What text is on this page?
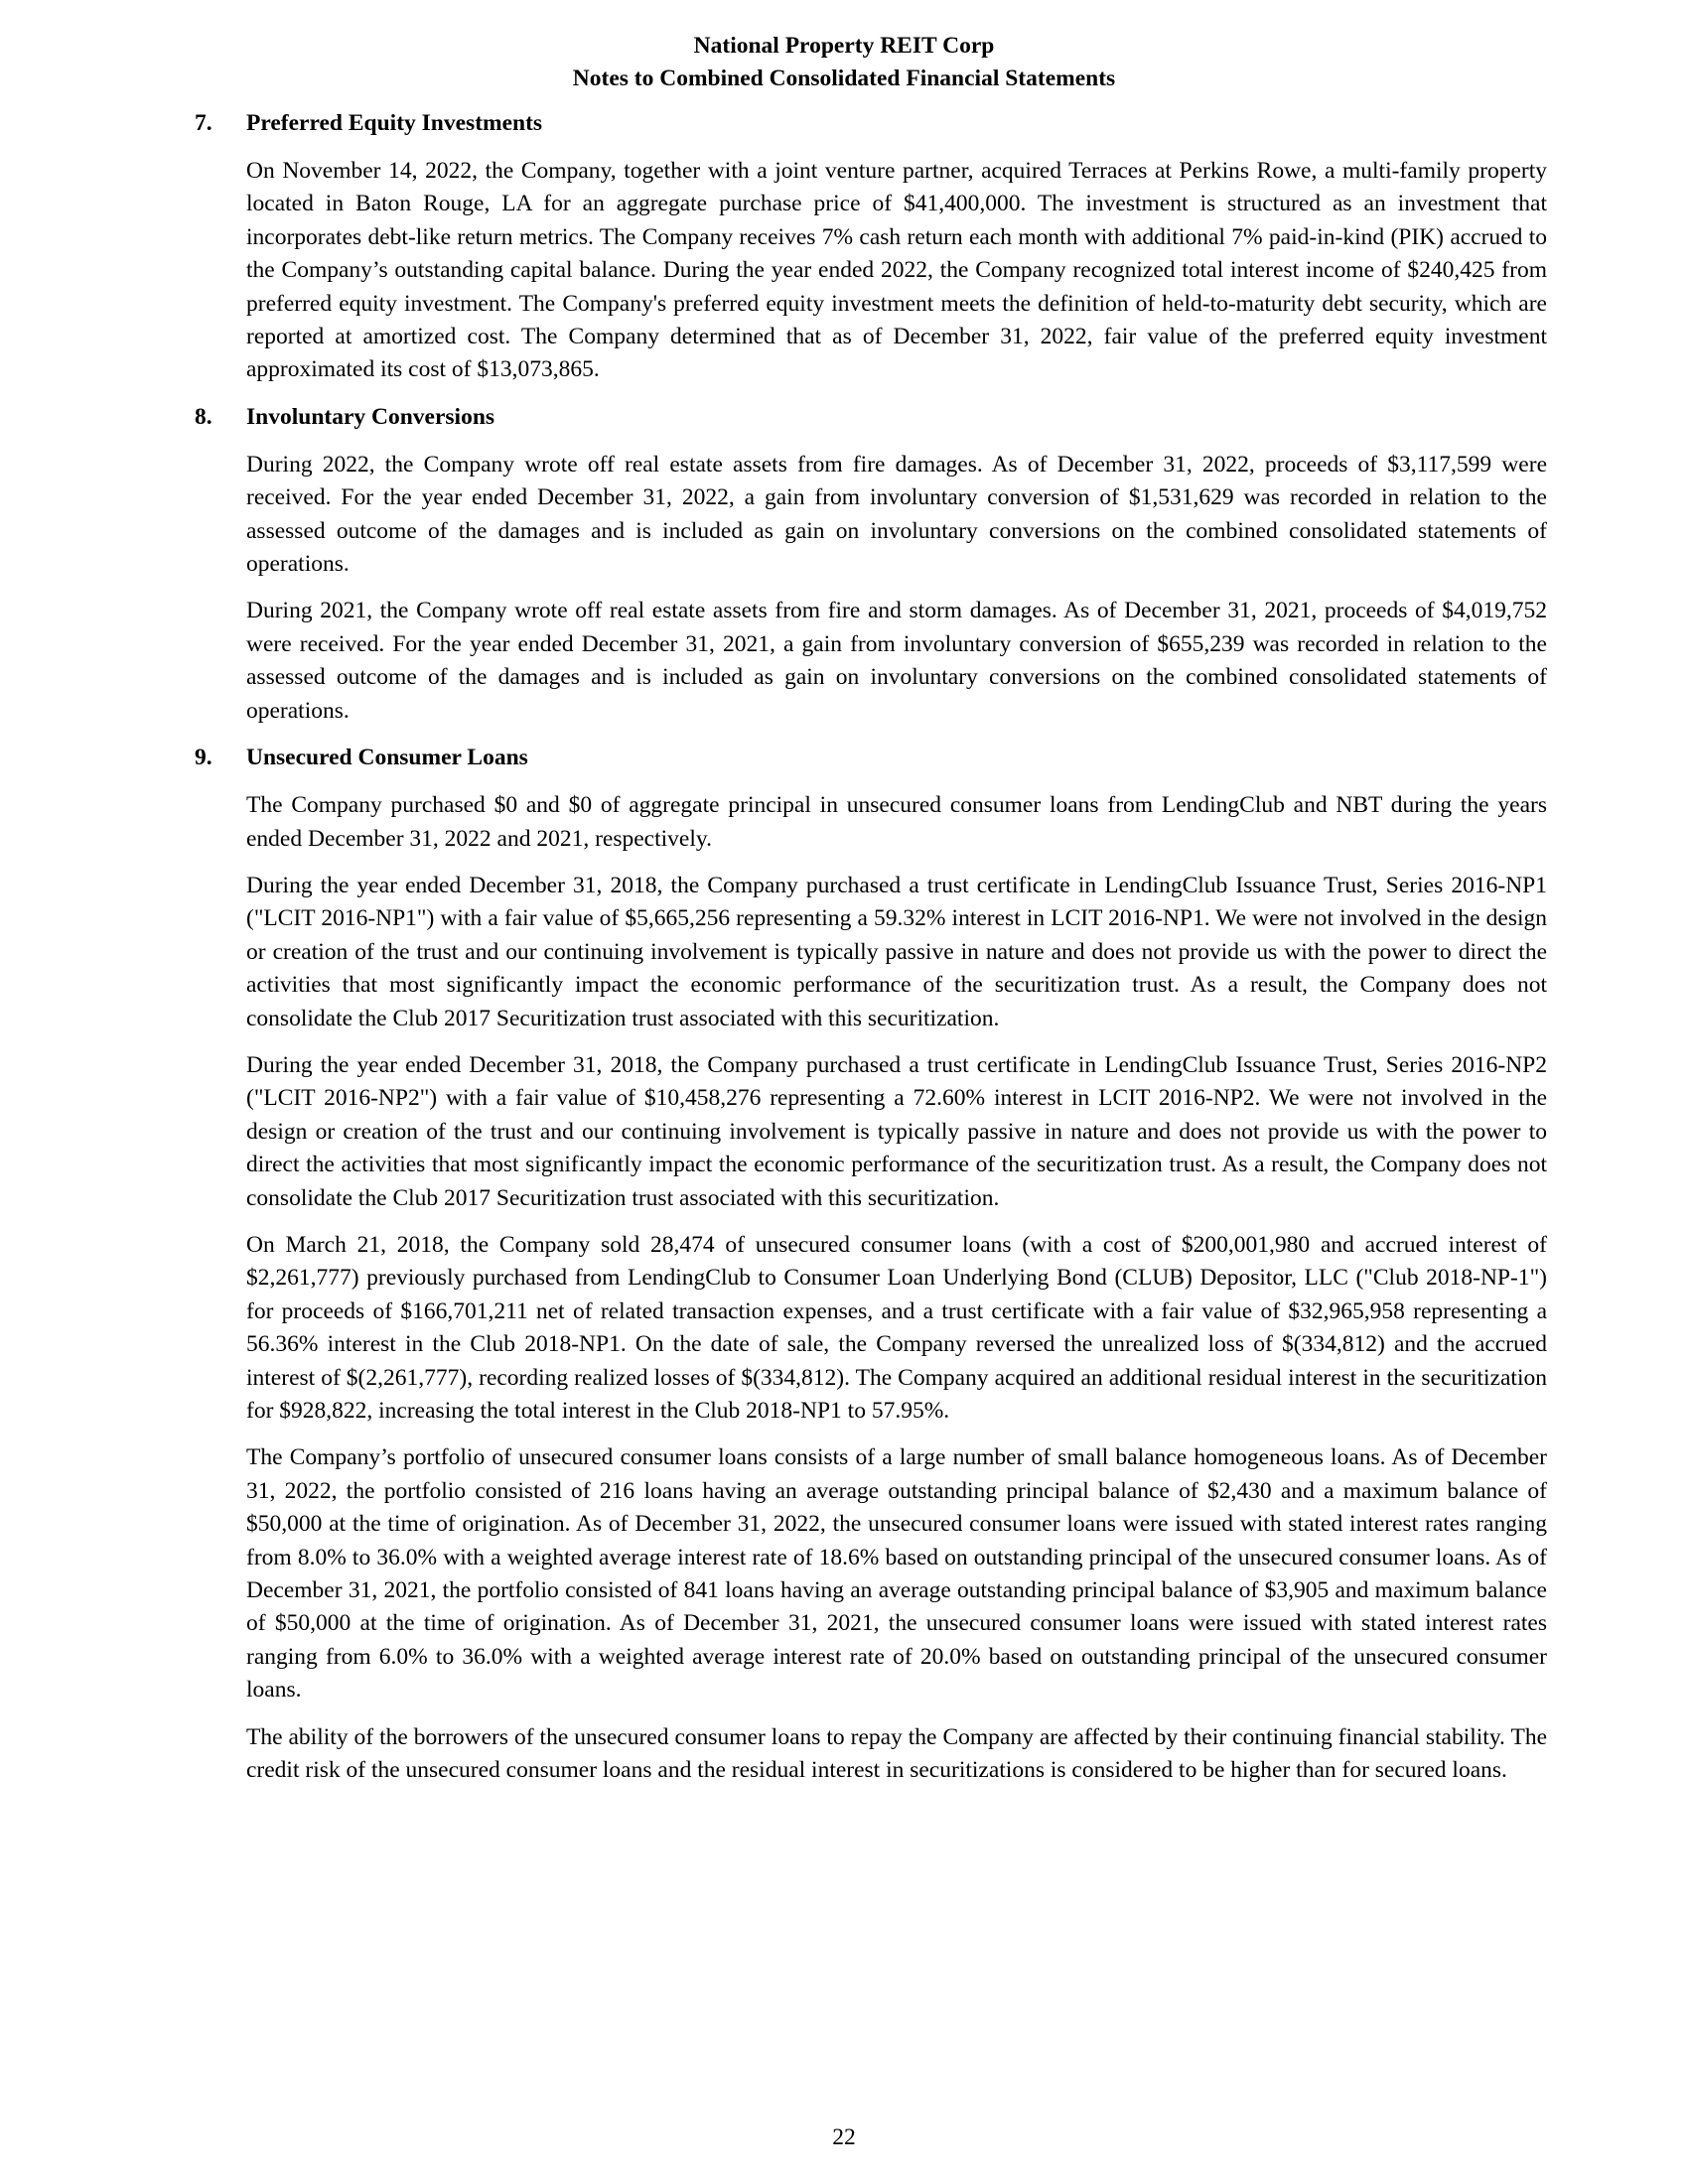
National Property REIT Corp
Notes to Combined Consolidated Financial Statements
7. Preferred Equity Investments

On November 14, 2022, the Company, together with a joint venture partner, acquired Terraces at Perkins Rowe, a multi-family property located in Baton Rouge, LA for an aggregate purchase price of $41,400,000. The investment is structured as an investment that incorporates debt-like return metrics. The Company receives 7% cash return each month with additional 7% paid-in-kind (PIK) accrued to the Company’s outstanding capital balance. During the year ended 2022, the Company recognized total interest income of $240,425 from preferred equity investment. The Company's preferred equity investment meets the definition of held-to-maturity debt security, which are reported at amortized cost. The Company determined that as of December 31, 2022, fair value of the preferred equity investment approximated its cost of $13,073,865.

8. Involuntary Conversions

During 2022, the Company wrote off real estate assets from fire damages. As of December 31, 2022, proceeds of $3,117,599 were received. For the year ended December 31, 2022, a gain from involuntary conversion of $1,531,629 was recorded in relation to the assessed outcome of the damages and is included as gain on involuntary conversions on the combined consolidated statements of operations.

During 2021, the Company wrote off real estate assets from fire and storm damages. As of December 31, 2021, proceeds of $4,019,752 were received. For the year ended December 31, 2021, a gain from involuntary conversion of $655,239 was recorded in relation to the assessed outcome of the damages and is included as gain on involuntary conversions on the combined consolidated statements of operations.

9. Unsecured Consumer Loans

The Company purchased $0 and $0 of aggregate principal in unsecured consumer loans from LendingClub and NBT during the years ended December 31, 2022 and 2021, respectively.

During the year ended December 31, 2018, the Company purchased a trust certificate in LendingClub Issuance Trust, Series 2016-NP1 ("LCIT 2016-NP1") with a fair value of $5,665,256 representing a 59.32% interest in LCIT 2016-NP1. We were not involved in the design or creation of the trust and our continuing involvement is typically passive in nature and does not provide us with the power to direct the activities that most significantly impact the economic performance of the securitization trust. As a result, the Company does not consolidate the Club 2017 Securitization trust associated with this securitization.

During the year ended December 31, 2018, the Company purchased a trust certificate in LendingClub Issuance Trust, Series 2016-NP2 ("LCIT 2016-NP2") with a fair value of $10,458,276 representing a 72.60% interest in LCIT 2016-NP2. We were not involved in the design or creation of the trust and our continuing involvement is typically passive in nature and does not provide us with the power to direct the activities that most significantly impact the economic performance of the securitization trust. As a result, the Company does not consolidate the Club 2017 Securitization trust associated with this securitization.

On March 21, 2018, the Company sold 28,474 of unsecured consumer loans (with a cost of $200,001,980 and accrued interest of $2,261,777) previously purchased from LendingClub to Consumer Loan Underlying Bond (CLUB) Depositor, LLC ("Club 2018-NP-1") for proceeds of $166,701,211 net of related transaction expenses, and a trust certificate with a fair value of $32,965,958 representing a 56.36% interest in the Club 2018-NP1. On the date of sale, the Company reversed the unrealized loss of $(334,812) and the accrued interest of $(2,261,777), recording realized losses of $(334,812). The Company acquired an additional residual interest in the securitization for $928,822, increasing the total interest in the Club 2018-NP1 to 57.95%.

The Company’s portfolio of unsecured consumer loans consists of a large number of small balance homogeneous loans. As of December 31, 2022, the portfolio consisted of 216 loans having an average outstanding principal balance of $2,430 and a maximum balance of $50,000 at the time of origination. As of December 31, 2022, the unsecured consumer loans were issued with stated interest rates ranging from 8.0% to 36.0% with a weighted average interest rate of 18.6% based on outstanding principal of the unsecured consumer loans. As of December 31, 2021, the portfolio consisted of 841 loans having an average outstanding principal balance of $3,905 and maximum balance of $50,000 at the time of origination. As of December 31, 2021, the unsecured consumer loans were issued with stated interest rates ranging from 6.0% to 36.0% with a weighted average interest rate of 20.0% based on outstanding principal of the unsecured consumer loans.

The ability of the borrowers of the unsecured consumer loans to repay the Company are affected by their continuing financial stability. The credit risk of the unsecured consumer loans and the residual interest in securitizations is considered to be higher than for secured loans.

22
